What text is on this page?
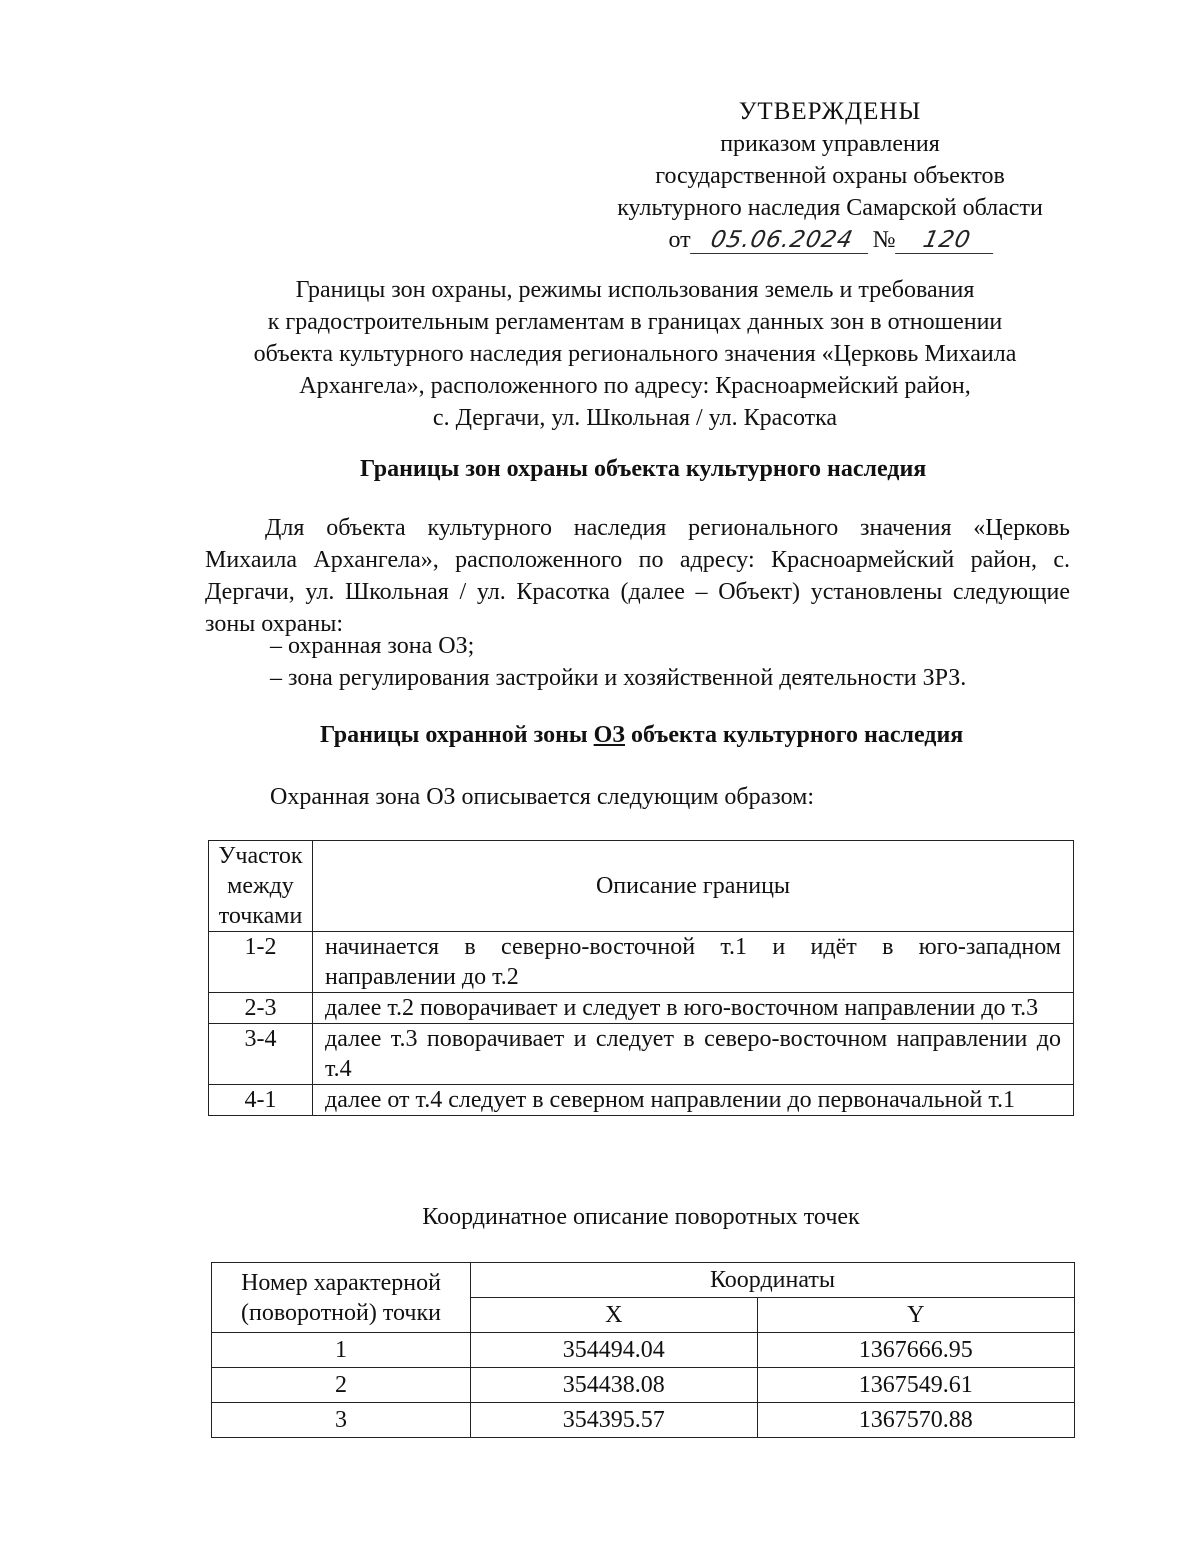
УТВЕРЖДЕНЫ
приказом управления
государственной охраны объектов
культурного наследия Самарской области
от 05.06.2024 № 120
Границы зон охраны, режимы использования земель и требования
к градостроительным регламентам в границах данных зон в отношении
объекта культурного наследия регионального значения «Церковь Михаила
Архангела», расположенного по адресу: Красноармейский район,
с. Дергачи, ул. Школьная / ул. Красотка
Границы зон охраны объекта культурного наследия
Для объекта культурного наследия регионального значения «Церковь Михаила Архангела», расположенного по адресу: Красноармейский район, с. Дергачи, ул. Школьная / ул. Красотка (далее – Объект) установлены следующие зоны охраны:
– охранная зона ОЗ;
– зона регулирования застройки и хозяйственной деятельности ЗРЗ.
Границы охранной зоны ОЗ объекта культурного наследия
Охранная зона ОЗ описывается следующим образом:
Участок между точками	Описание границы
1-2	начинается в северно-восточной т.1 и идёт в юго-западном направлении до т.2
2-3	далее т.2 поворачивает и следует в юго-восточном направлении до т.3
3-4	далее т.3 поворачивает и следует в северо-восточном направлении до т.4
4-1	далее от т.4 следует в северном направлении до первоначальной т.1
Координатное описание поворотных точек
Номер характерной (поворотной) точки	Координаты	
	X	Y
1	354494.04	1367666.95
2	354438.08	1367549.61
3	354395.57	1367570.88
